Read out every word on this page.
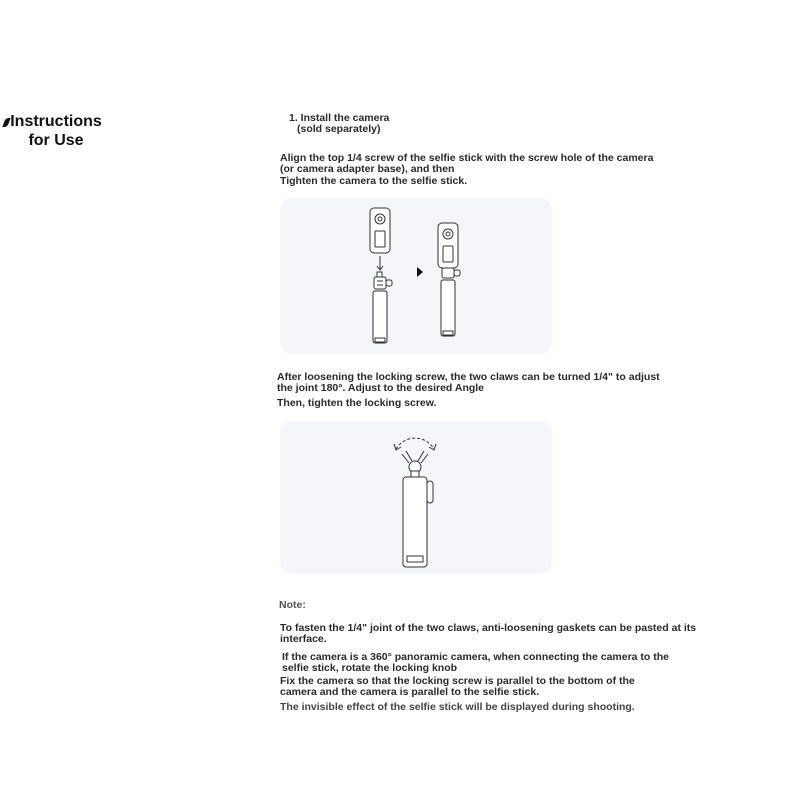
Instructions
for Use
1. Install the camera
(sold separately)
Align the top 1/4 screw of the selfie stick with the screw hole of the camera
(or camera adapter base), and then
Tighten the camera to the selfie stick.
After loosening the locking screw, the two claws can be turned 1/4" to adjust
the joint 180°. Adjust to the desired Angle
Then, tighten the locking screw.
Note:
To fasten the 1/4" joint of the two claws, anti-loosening gaskets can be pasted at its
interface.
If the camera is a 360° panoramic camera, when connecting the camera to the
selfie stick, rotate the locking knob
Fix the camera so that the locking screw is parallel to the bottom of the
camera and the camera is parallel to the selfie stick.
The invisible effect of the selfie stick will be displayed during shooting.
